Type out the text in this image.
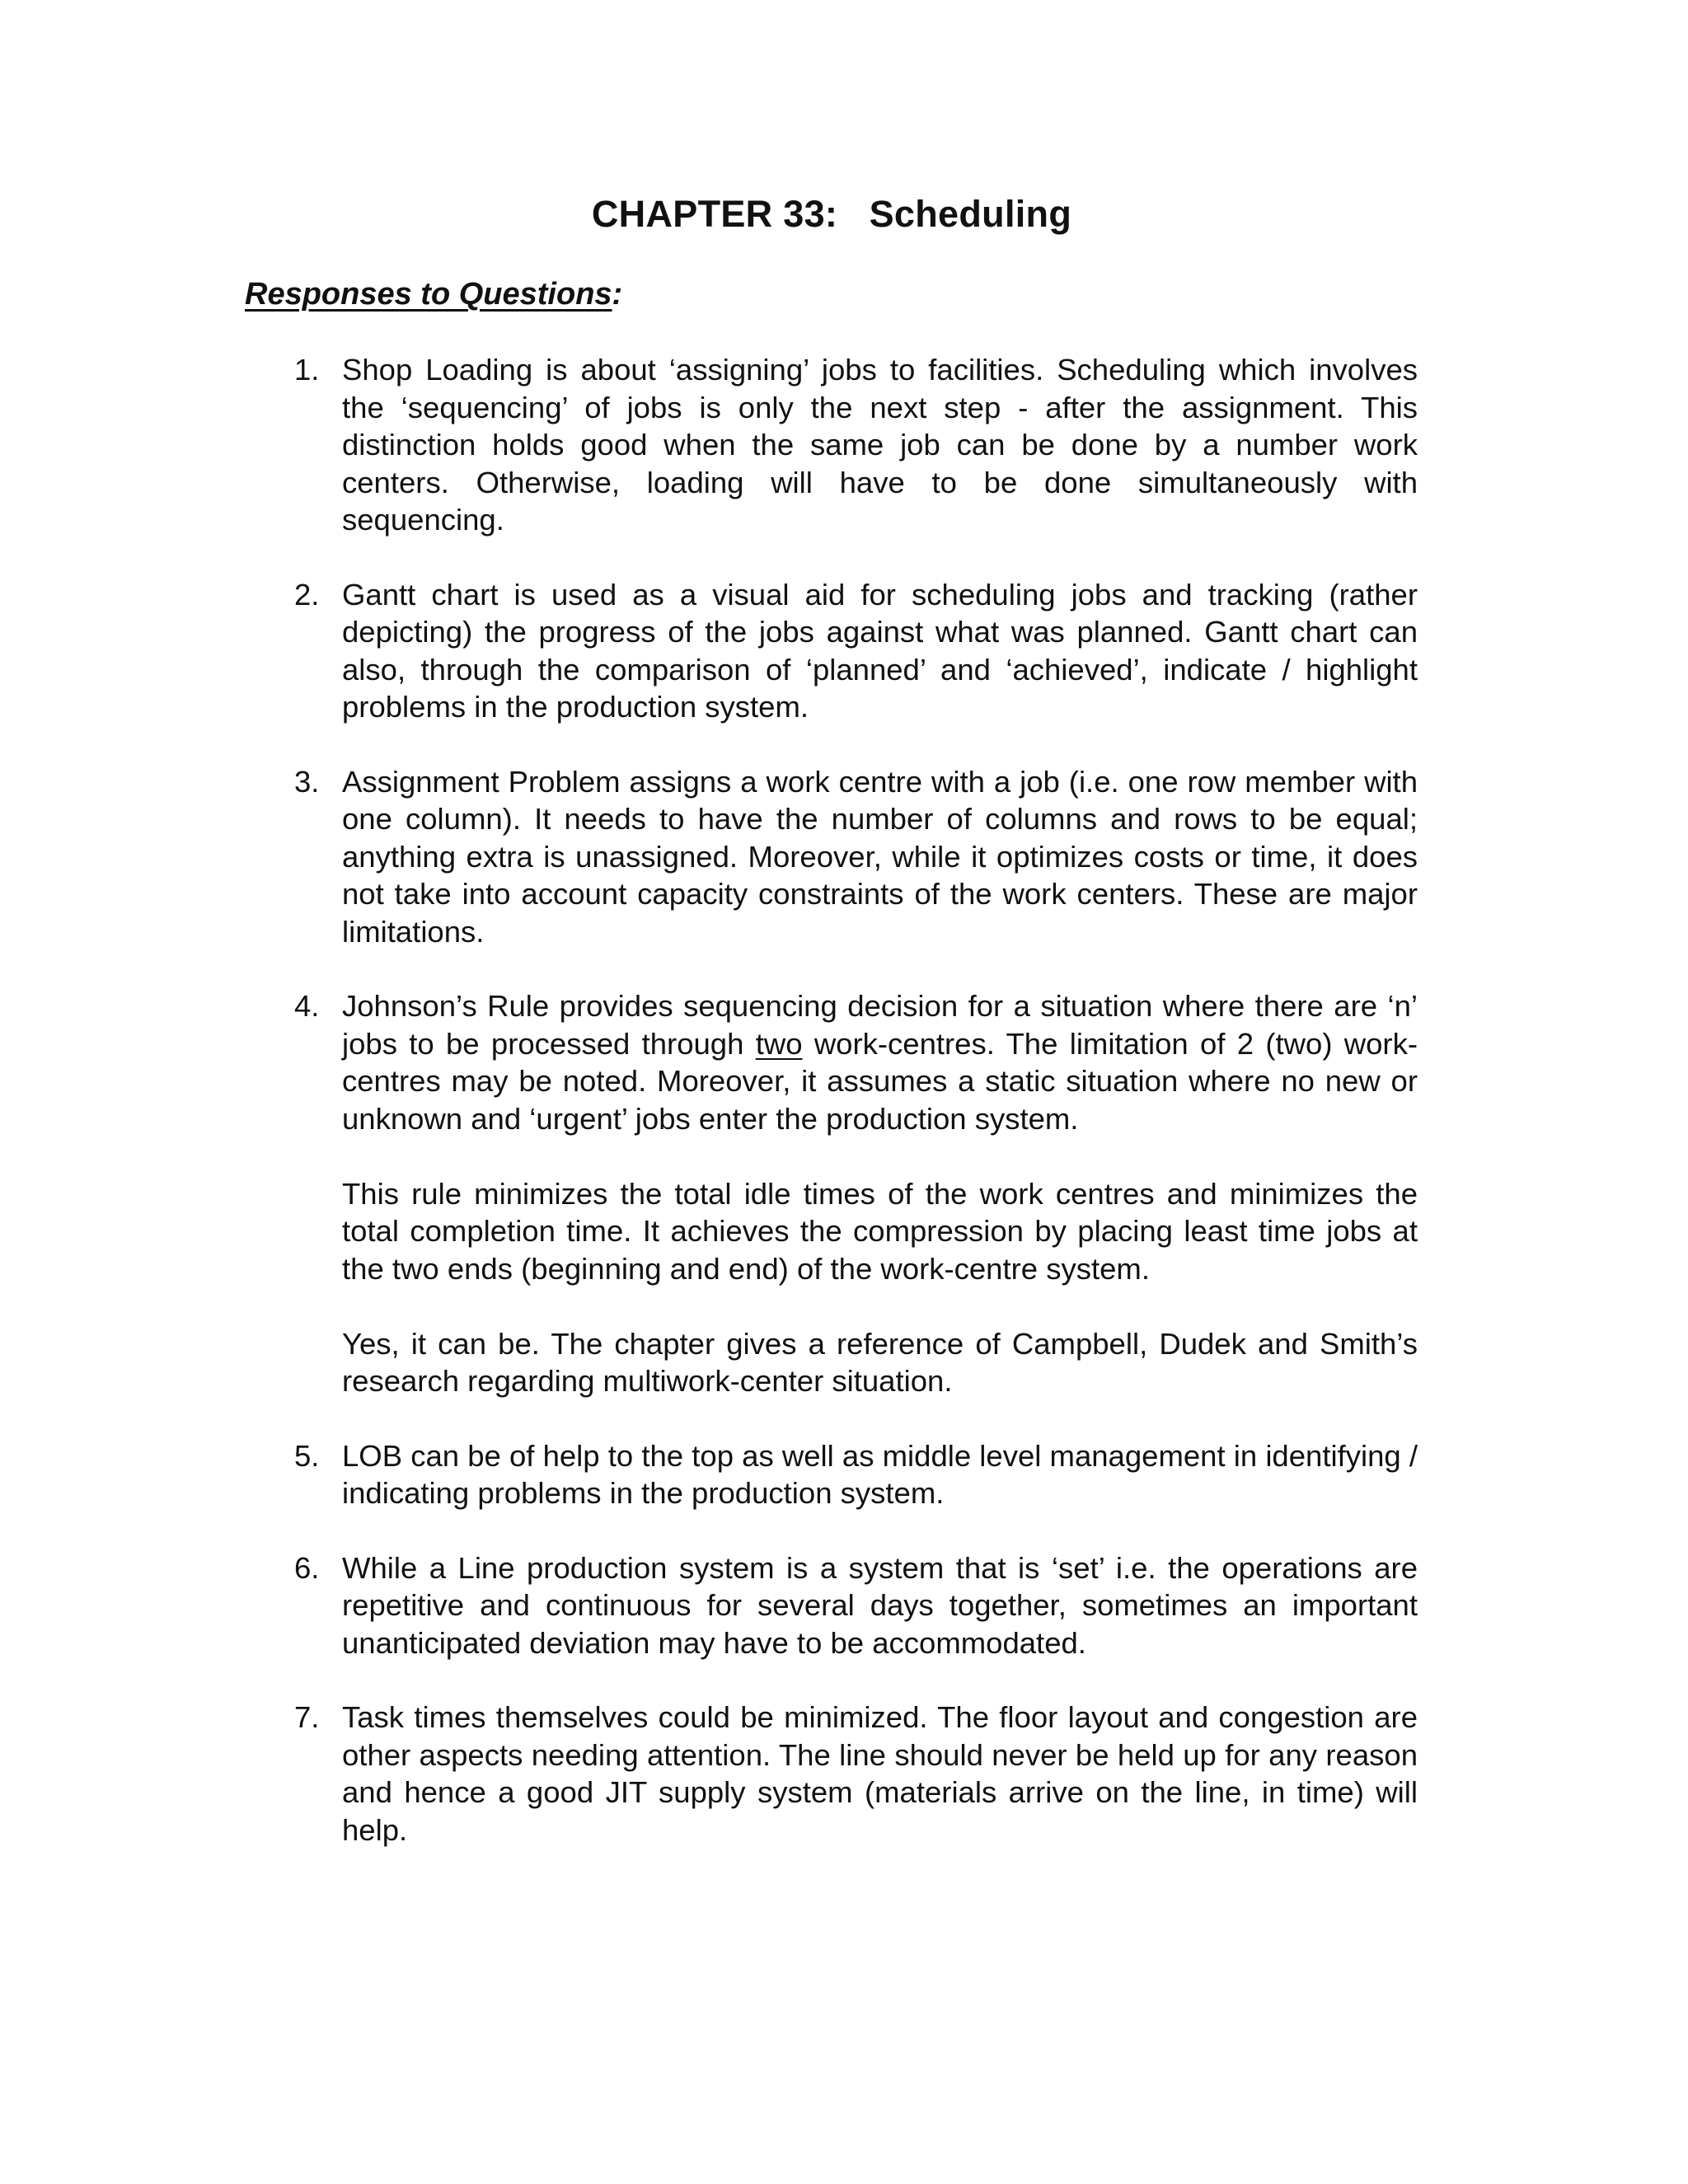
CHAPTER 33:   Scheduling
Responses to Questions:
1. Shop Loading is about ‘assigning’ jobs to facilities. Scheduling which involves the ‘sequencing’ of jobs is only the next step - after the assignment. This distinction holds good when the same job can be done by a number work centers. Otherwise, loading will have to be done simultaneously with sequencing.

2. Gantt chart is used as a visual aid for scheduling jobs and tracking (rather depicting) the progress of the jobs against what was planned. Gantt chart can also, through the comparison of ‘planned’ and ‘achieved’, indicate / highlight problems in the production system.

3. Assignment Problem assigns a work centre with a job (i.e. one row member with one column). It needs to have the number of columns and rows to be equal; anything extra is unassigned. Moreover, while it optimizes costs or time, it does not take into account capacity constraints of the work centers. These are major limitations.

4. Johnson’s Rule provides sequencing decision for a situation where there are ‘n’ jobs to be processed through two work-centres. The limitation of 2 (two) work-centres may be noted. Moreover, it assumes a static situation where no new or unknown and ‘urgent’ jobs enter the production system.

This rule minimizes the total idle times of the work centres and minimizes the total completion time. It achieves the compression by placing least time jobs at the two ends (beginning and end) of the work-centre system.

Yes, it can be. The chapter gives a reference of Campbell, Dudek and Smith’s research regarding multiwork-center situation.

5. LOB can be of help to the top as well as middle level management in identifying / indicating problems in the production system.

6. While a Line production system is a system that is ‘set’ i.e. the operations are repetitive and continuous for several days together, sometimes an important unanticipated deviation may have to be accommodated.

7. Task times themselves could be minimized. The floor layout and congestion are other aspects needing attention. The line should never be held up for any reason and hence a good JIT supply system (materials arrive on the line, in time) will help.
